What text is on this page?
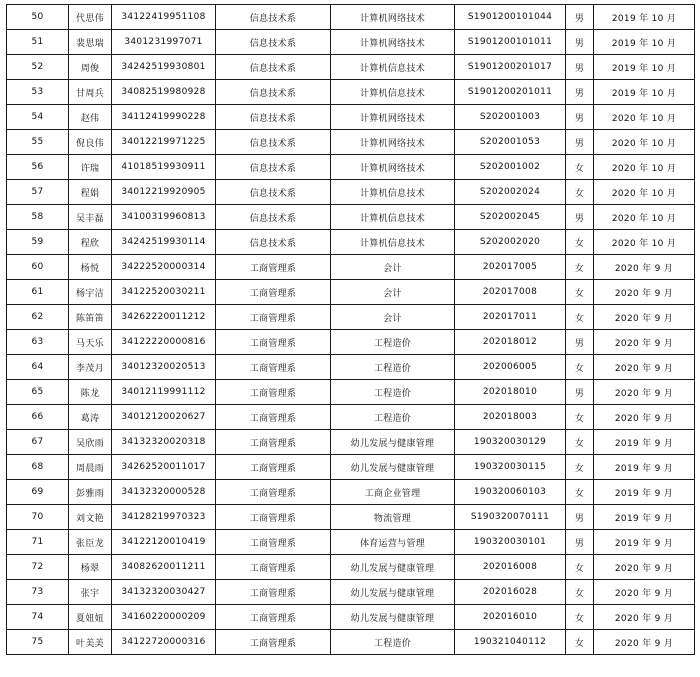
50	代思伟	341224199511​08	信息技术系	计算机网络技术	S1901200101044	男	2019 年 10 月
51	裴思瑞	34012319970​71	信息技术系	计算机网络技术	S1901200101011	男	2019 年 10 月
52	周俊	34242519930801	信息技术系	计算机信息技术	S1901200201017	男	2019 年 10 月
53	甘周兵	34082519980928	信息技术系	计算机信息技术	S1901200201011	男	2019 年 10 月
54	赵伟	34112419990228	信息技术系	计算机网络技术	S202001003	男	2020 年 10 月
55	倪良伟	34012219971225	信息技术系	计算机网络技术	S202001053	男	2020 年 10 月
56	许瑞	41018519930911	信息技术系	计算机网络技术	S202001002	女	2020 年 10 月
57	程娟	34012219920905	信息技术系	计算机信息技术	S202002024	女	2020 年 10 月
58	吴丰磊	34100319960813	信息技术系	计算机信息技术	S202002045	男	2020 年 10 月
59	程欣	34242519930114	信息技术系	计算机信息技术	S202002020	女	2020 年 10 月
60	杨悦	34222520000314	工商管理系	会计	202017005	女	2020 年 9 月
61	杨宇洁	34122520030211	工商管理系	会计	202017008	女	2020 年 9 月
62	陈笛笛	34262220011212	工商管理系	会计	202017011	女	2020 年 9 月
63	马天乐	34122220000816	工商管理系	工程造价	202018012	男	2020 年 9 月
64	李茂月	34012320020513	工商管理系	工程造价	202006005	女	2020 年 9 月
65	陈龙	34012119991112	工商管理系	工程造价	202018010	男	2020 年 9 月
66	葛涛	34012120020627	工商管理系	工程造价	202018003	女	2020 年 9 月
67	吴欣雨	34132320020318	工商管理系	幼儿发展与健康管理	190320030129	女	2019 年 9 月
68	周晨雨	34262520011017	工商管理系	幼儿发展与健康管理	190320030115	女	2019 年 9 月
69	彭雅雨	34132320000528	工商管理系	工商企业管理	190320060103	女	2019 年 9 月
70	刘文艳	34128219970323	工商管理系	物流管理	S190320070111	男	2019 年 9 月
71	张臣龙	34122120010419	工商管理系	体育运营与管理	190320030101	男	2019 年 9 月
72	杨翠	34082620011211	工商管理系	幼儿发展与健康管理	202016008	女	2020 年 9 月
73	张宇	34132320030427	工商管理系	幼儿发展与健康管理	202016028	女	2020 年 9 月
74	夏妞妞	34160220000209	工商管理系	幼儿发展与健康管理	202016010	女	2020 年 9 月
75	叶美美	34122720000316	工商管理系	工程造价	190321040112	女	2020 年 9 月
